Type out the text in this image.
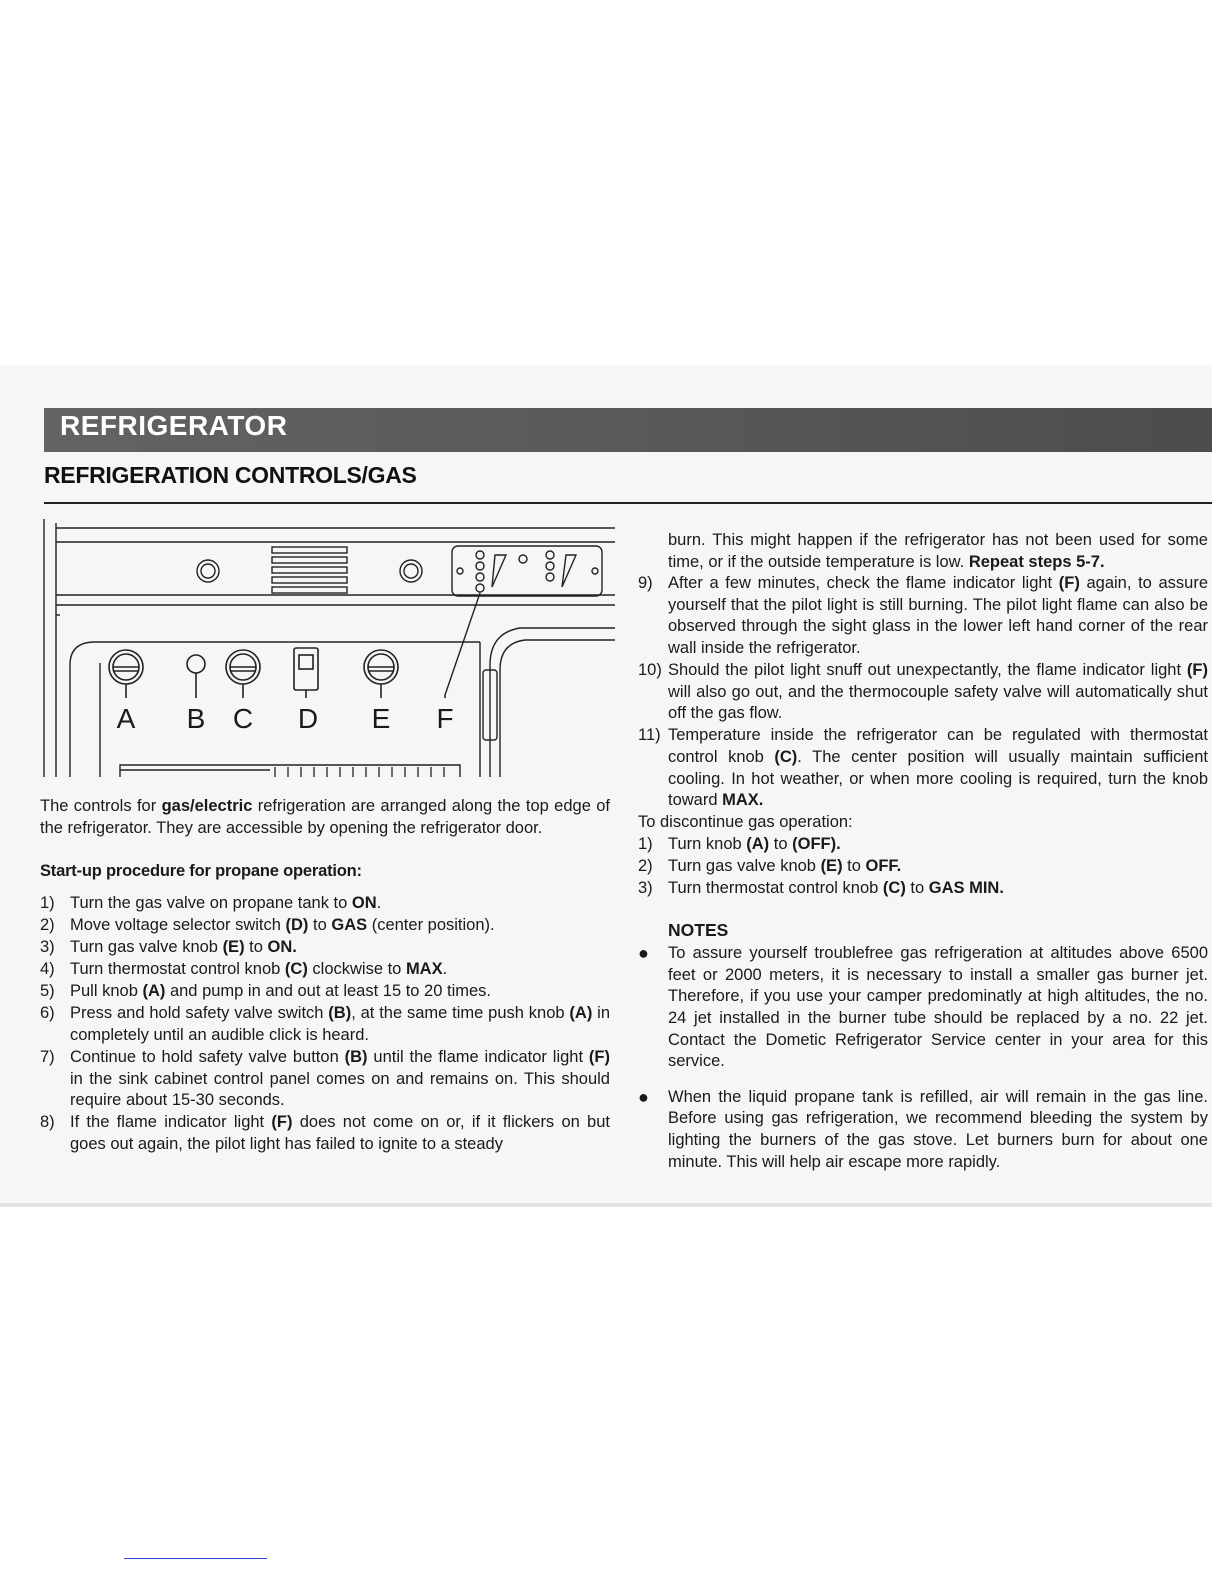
REFRIGERATOR
REFRIGERATION CONTROLS/GAS
A B C D E F

The controls for gas/electric refrigeration are arranged along the top edge of the refrigerator. They are accessible by opening the refrigerator door.

Start-up procedure for propane operation:
1) Turn the gas valve on propane tank to ON.
2) Move voltage selector switch (D) to GAS (center position).
3) Turn gas valve knob (E) to ON.
4) Turn thermostat control knob (C) clockwise to MAX.
5) Pull knob (A) and pump in and out at least 15 to 20 times.
6) Press and hold safety valve switch (B), at the same time push knob (A) in completely until an audible click is heard.
7) Continue to hold safety valve button (B) until the flame indicator light (F) in the sink cabinet control panel comes on and remains on. This should require about 15-30 seconds.
8) If the flame indicator light (F) does not come on or, if it flickers on but goes out again, the pilot light has failed to ignite to a steady

burn. This might happen if the refrigerator has not been used for some time, or if the outside temperature is low. Repeat steps 5-7.

9) After a few minutes, check the flame indicator light (F) again, to assure yourself that the pilot light is still burning. The pilot light flame can also be observed through the sight glass in the lower left hand corner of the rear wall inside the refrigerator.
10) Should the pilot light snuff out unexpectantly, the flame indicator light (F) will also go out, and the thermocouple safety valve will automatically shut off the gas flow.
11) Temperature inside the refrigerator can be regulated with thermostat control knob (C). The center position will usually maintain sufficient cooling. In hot weather, or when more cooling is required, turn the knob toward MAX.

To discontinue gas operation:

1) Turn knob (A) to (OFF).
2) Turn gas valve knob (E) to OFF.
3) Turn thermostat control knob (C) to GAS MIN.
NOTES
●	To assure yourself troublefree gas refrigeration at altitudes above 6500 feet or 2000 meters, it is necessary to install a smaller gas burner jet. Therefore, if you use your camper predominatly at high altitudes, the no. 24 jet installed in the burner tube should be replaced by a no. 22 jet. Contact the Dometic Refrigerator Service center in your area for this service.
●	When the liquid propane tank is refilled, air will remain in the gas line. Before using gas refrigeration, we recommend bleeding the system by lighting the burners of the gas stove. Let burners burn for about one minute. This will help air escape more rapidly.
